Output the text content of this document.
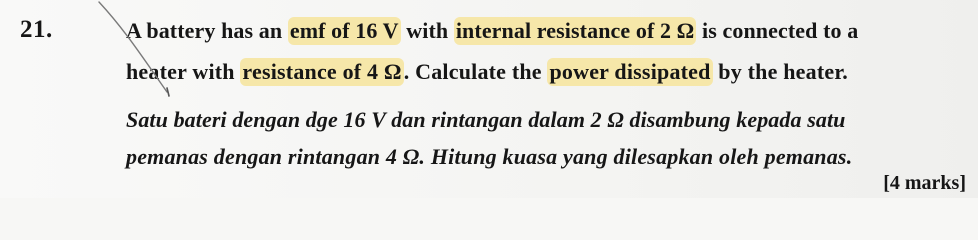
21.	A battery has an emf of 16 V with internal resistance of 2 Ω is connected to a
heater with resistance of 4 Ω. Calculate the power dissipated by the heater.
Satu bateri dengan dge 16 V dan rintangan dalam 2 Ω disambung kepada satu
pemanas dengan rintangan 4 Ω. Hitung kuasa yang dilesapkan oleh pemanas.
[4 marks]
